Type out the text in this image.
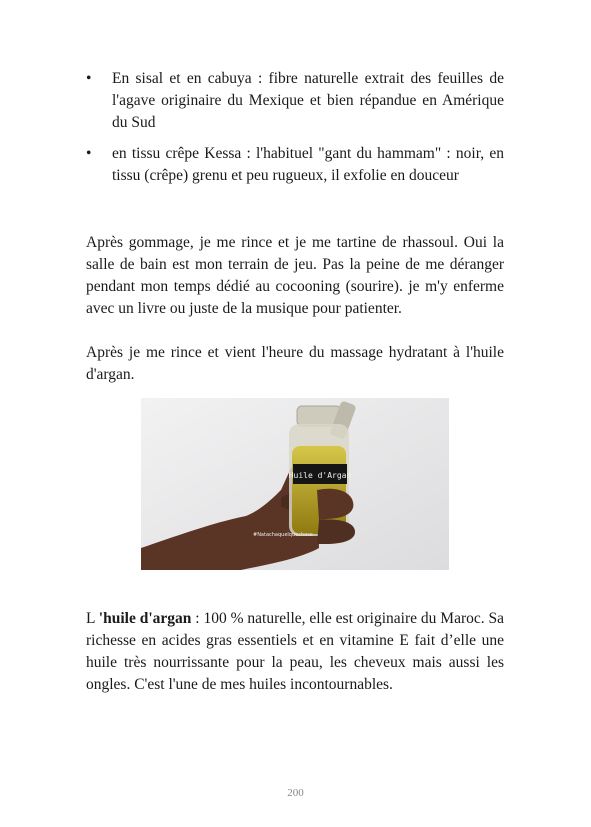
• En sisal et en cabuya : fibre naturelle extrait des feuilles de l'agave originaire du Mexique et bien répandue en Amérique du Sud
• en tissu crêpe Kessa : l'habituel "gant du hammam" : noir, en tissu (crêpe) grenu et peu rugueux, il exfolie en douceur

Après gommage, je me rince et je me tartine de rhassoul. Oui la salle de bain est mon terrain de jeu. Pas la peine de me déranger pendant mon temps dédié au cocooning (sourire). je m'y enferme avec un livre ou juste de la musique pour patienter.

Après je me rince et vient l'heure du massage hydratant à l'huile d'argan.

Huile d'Argan
#Natachaquelquechose

L 'huile d'argan : 100 % naturelle, elle est originaire du Maroc. Sa richesse en acides gras essentiels et en vitamine E fait d’elle une huile très nourrissante pour la peau, les cheveux mais aussi les ongles. C'est l'une de mes huiles incontournables.

200
